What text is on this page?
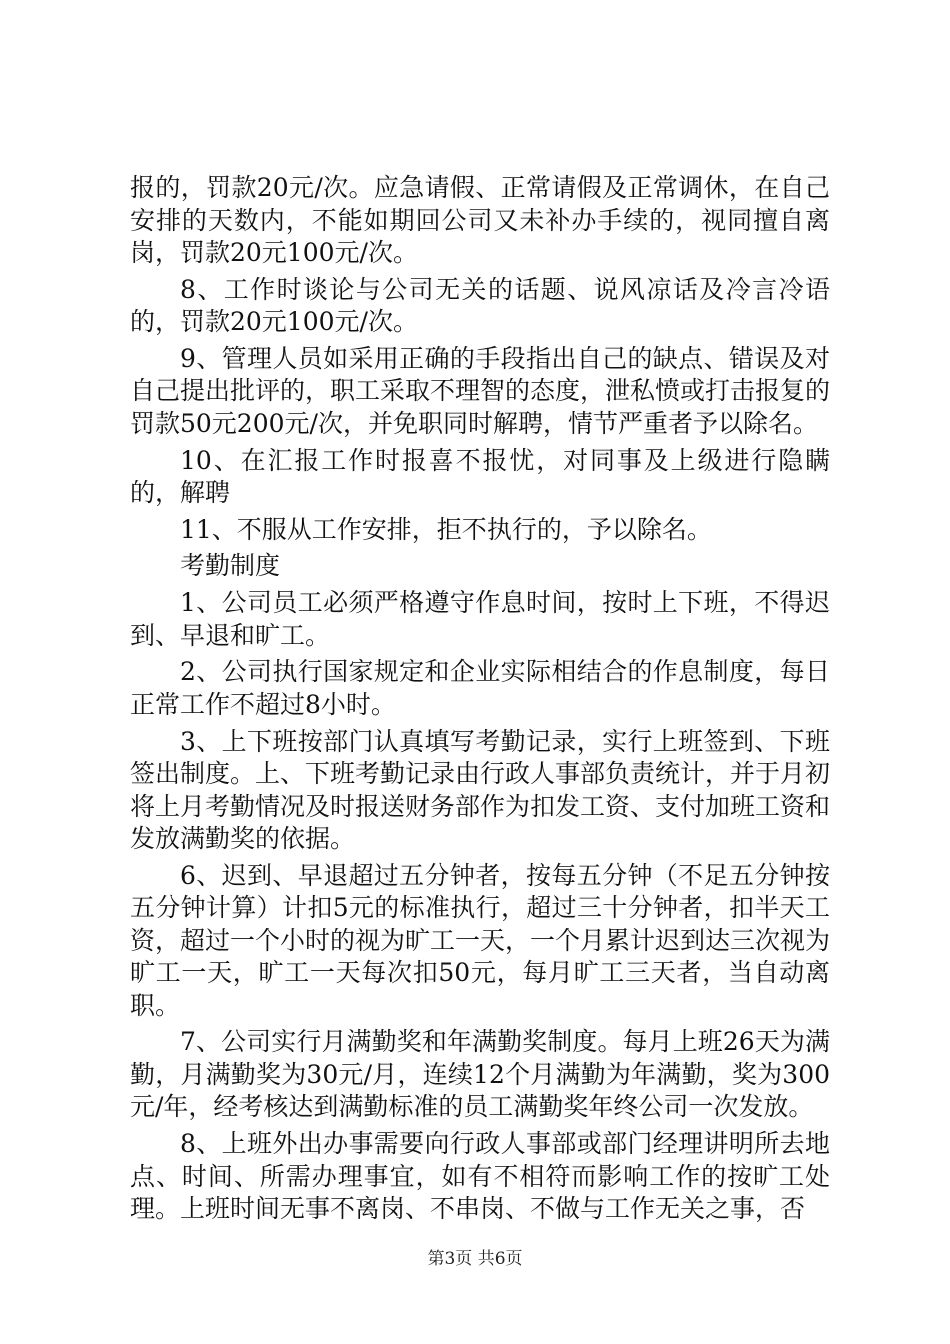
报的，罚款20元/次。应急请假、正常请假及正常调休，在自己安排的天数内，不能如期回公司又未补办手续的，视同擅自离岗，罚款20元100元/次。

8、工作时谈论与公司无关的话题、说风凉话及冷言冷语的，罚款20元100元/次。

9、管理人员如采用正确的手段指出自己的缺点、错误及对自己提出批评的，职工采取不理智的态度，泄私愤或打击报复的罚款50元200元/次，并免职同时解聘，情节严重者予以除名。

10、在汇报工作时报喜不报忧，对同事及上级进行隐瞒的，解聘

11、不服从工作安排，拒不执行的，予以除名。

考勤制度

1、公司员工必须严格遵守作息时间，按时上下班，不得迟到、早退和旷工。

2、公司执行国家规定和企业实际相结合的作息制度，每日正常工作不超过8小时。

3、上下班按部门认真填写考勤记录，实行上班签到、下班签出制度。上、下班考勤记录由行政人事部负责统计，并于月初将上月考勤情况及时报送财务部作为扣发工资、支付加班工资和发放满勤奖的依据。

6、迟到、早退超过五分钟者，按每五分钟（不足五分钟按五分钟计算）计扣5元的标准执行，超过三十分钟者，扣半天工资，超过一个小时的视为旷工一天，一个月累计迟到达三次视为旷工一天，旷工一天每次扣50元，每月旷工三天者，当自动离职。

7、公司实行月满勤奖和年满勤奖制度。每月上班26天为满勤，月满勤奖为30元/月，连续12个月满勤为年满勤，奖为300元/年，经考核达到满勤标准的员工满勤奖年终公司一次发放。

8、上班外出办事需要向行政人事部或部门经理讲明所去地点、时间、所需办理事宜，如有不相符而影响工作的按旷工处理。上班时间无事不离岗、不串岗、不做与工作无关之事，否

第3页 共6页
